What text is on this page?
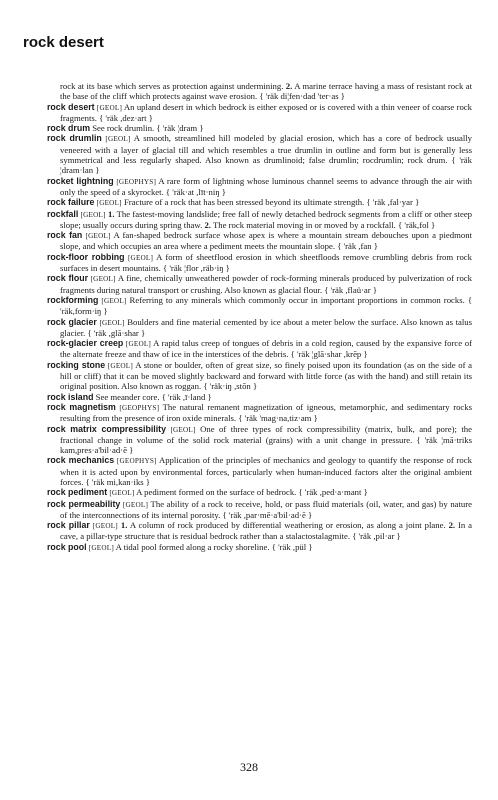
rock desert

rock at its base which serves as protection against undermining. 2. A marine terrace having a mass of resistant rock at the base of the cliff which protects against wave erosion. { 'räk di¦fen·dad 'ter·as }

rock desert [GEOL] An upland desert in which bedrock is either exposed or is covered with a thin veneer of coarse rock fragments. { 'räk ,dez·art }

rock drum See rock drumlin. { 'räk ¦dram }

rock drumlin [GEOL] A smooth, streamlined hill modeled by glacial erosion, which has a core of bedrock usually veneered with a layer of glacial till and which resembles a true drumlin in outline and form but is generally less symmetrical and less regularly shaped. Also known as drumlinoid; false drumlin; rocdrumlin; rock drum. { 'räk ¦dram·lan }

rocket lightning [GEOPHYS] A rare form of lightning whose luminous channel seems to advance through the air with only the speed of a skyrocket. { 'räk·at ,līt·niŋ }

rock failure [GEOL] Fracture of a rock that has been stressed beyond its ultimate strength. { 'räk ,fal·yar }

rockfall [GEOL] 1. The fastest-moving landslide; free fall of newly detached bedrock segments from a cliff or other steep slope; usually occurs during spring thaw. 2. The rock material moving in or moved by a rockfall. { 'räk,fol }

rock fan [GEOL] A fan-shaped bedrock surface whose apex is where a mountain stream debouches upon a piedmont slope, and which occupies an area where a pediment meets the mountain slope. { 'räk ,fan }

rock-floor robbing [GEOL] A form of sheetflood erosion in which sheetfloods remove crumbling debris from rock surfaces in desert mountains. { 'räk ¦flor ,räb·iŋ }

rock flour [GEOL] A fine, chemically unweathered powder of rock-forming minerals produced by pulverization of rock fragments during natural transport or crushing. Also known as glacial flour. { 'räk ,flaü·ar }

rockforming [GEOL] Referring to any minerals which commonly occur in important proportions in common rocks. { 'räk,form·iŋ }

rock glacier [GEOL] Boulders and fine material cemented by ice about a meter below the surface. Also known as talus glacier. { 'räk ,glā·shar }

rock-glacier creep [GEOL] A rapid talus creep of tongues of debris in a cold region, caused by the expansive force of the alternate freeze and thaw of ice in the interstices of the debris. { 'räk ¦glā·shar ,krēp }

rocking stone [GEOL] A stone or boulder, often of great size, so finely poised upon its foundation (as on the side of a hill or cliff) that it can be moved slightly backward and forward with little force (as with the hand) and still retain its original position. Also known as roggan. { 'räk·iŋ ,stōn }

rock island See meander core. { 'räk ,ī·land }

rock magnetism [GEOPHYS] The natural remanent magnetization of igneous, metamorphic, and sedimentary rocks resulting from the presence of iron oxide minerals. { 'räk 'mag·na,tiz·am }

rock matrix compressibility [GEOL] One of three types of rock compressibility (matrix, bulk, and pore); the fractional change in volume of the solid rock material (grains) with a unit change in pressure. { 'räk ¦mā·triks kam,pres·a'bil·ad·ē }

rock mechanics [GEOPHYS] Application of the principles of mechanics and geology to quantify the response of rock when it is acted upon by environmental forces, particularly when human-induced factors alter the original ambient forces. { 'räk mi,kan·iks }

rock pediment [GEOL] A pediment formed on the surface of bedrock. { 'räk ,ped·a·mant }

rock permeability [GEOL] The ability of a rock to receive, hold, or pass fluid materials (oil, water, and gas) by nature of the interconnections of its internal porosity. { 'räk ,par·mē·a'bil·ad·ē }

rock pillar [GEOL] 1. A column of rock produced by differential weathering or erosion, as along a joint plane. 2. In a cave, a pillar-type structure that is residual bedrock rather than a stalactostalagmite. { 'räk ,pil·ar }

rock pool [GEOL] A tidal pool formed along a rocky shoreline. { 'räk ,pül }

328
